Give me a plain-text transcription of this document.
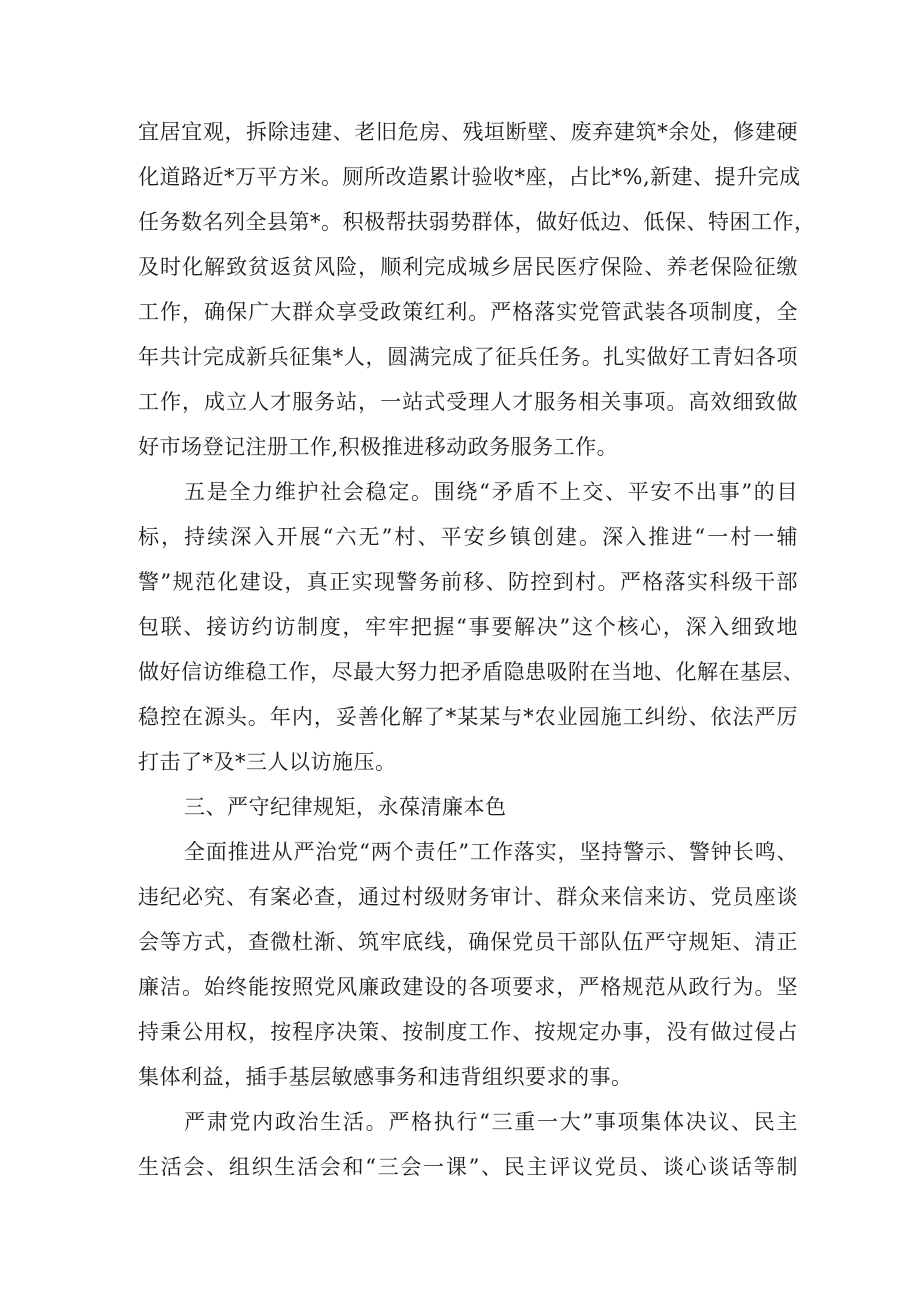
宜居宜观，拆除违建、老旧危房、残垣断壁、废弃建筑*余处，修建硬
化道路近*万平方米。厕所改造累计验收*座，占比*%,新建、提升完成
任务数名列全县第*。积极帮扶弱势群体，做好低边、低保、特困工作，
及时化解致贫返贫风险，顺利完成城乡居民医疗保险、养老保险征缴
工作，确保广大群众享受政策红利。严格落实党管武装各项制度，全
年共计完成新兵征集*人，圆满完成了征兵任务。扎实做好工青妇各项
工作，成立人才服务站，一站式受理人才服务相关事项。高效细致做
好市场登记注册工作,积极推进移动政务服务工作。
五是全力维护社会稳定。围绕“矛盾不上交、平安不出事”的目
标，持续深入开展“六无”村、平安乡镇创建。深入推进“一村一辅
警”规范化建设，真正实现警务前移、防控到村。严格落实科级干部
包联、接访约访制度，牢牢把握“事要解决”这个核心，深入细致地
做好信访维稳工作，尽最大努力把矛盾隐患吸附在当地、化解在基层、
稳控在源头。年内，妥善化解了*某某与*农业园施工纠纷、依法严厉
打击了*及*三人以访施压。
三、严守纪律规矩，永葆清廉本色
全面推进从严治党“两个责任”工作落实，坚持警示、警钟长鸣、
违纪必究、有案必查，通过村级财务审计、群众来信来访、党员座谈
会等方式，查微杜渐、筑牢底线，确保党员干部队伍严守规矩、清正
廉洁。始终能按照党风廉政建设的各项要求，严格规范从政行为。坚
持秉公用权，按程序决策、按制度工作、按规定办事，没有做过侵占
集体利益，插手基层敏感事务和违背组织要求的事。
严肃党内政治生活。严格执行“三重一大”事项集体决议、民主
生活会、组织生活会和“三会一课”、民主评议党员、谈心谈话等制
